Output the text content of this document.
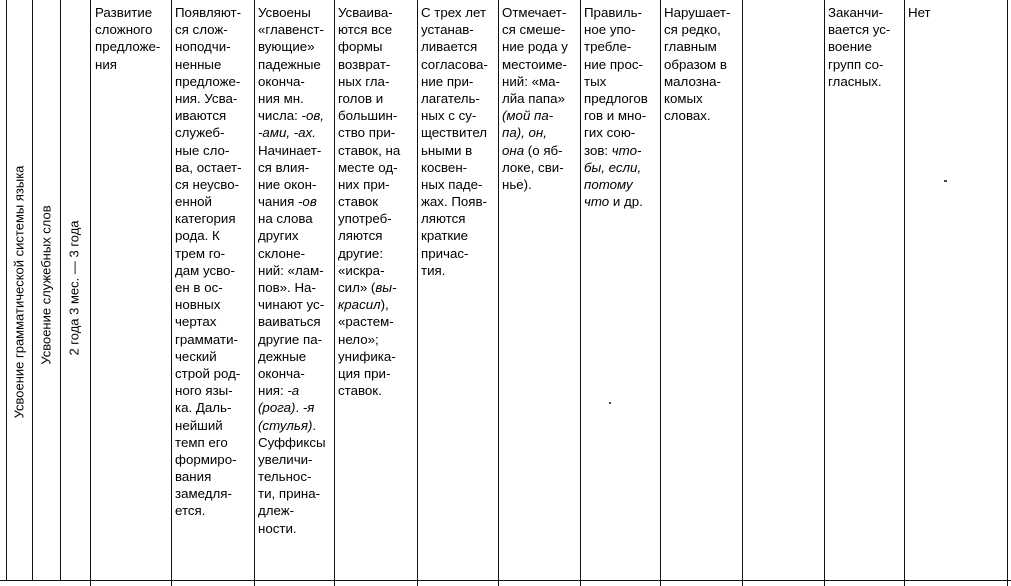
Усвоение грамматической системы языка Усвоение служебных слов 2 года 3 мес. — 3 года
Развитие
сложного
предложе-
ния
Появляют-
ся слож-
ноподчи-
ненные
предложе-
ния. Усва-
иваются
служеб-
ные сло-
ва, остает-
ся неусво-
енной
категория
рода. К
трем го-
дам усво-
ен в ос-
новных
чертах
граммати-
ческий
строй род-
ного язы-
ка. Даль-
нейший
темп его
формиро-
вания
замедля-
ется.
Усвоены
«главенст-
вующие»
падежные
оконча-
ния мн.
числа: -ов,
-ами, -ах.
Начинает-
ся влия-
ние окон-
чания -ов
на слова
других
склоне-
ний: «лам-
пов». На-
чинают ус-
ваиваться
другие па-
дежные
оконча-
ния: -а
(рога). -я
(стулья).
Суффиксы
увеличи-
тельнос-
ти, прина-
длеж-
ности.
Усваива-
ются все
формы
возврат-
ных гла-
голов и
большин-
ство при-
ставок, на
месте од-
них при-
ставок
употреб-
ляются
другие:
«искра-
сил» (вы-
красил),
«растем-
нело»;
унифика-
ция при-
ставок.
С трех лет
устанав-
ливается
согласова-
ние при-
лагатель-
ных с су-
ществител
ьными в
косвен-
ных паде-
жах. Появ-
ляются
краткие
причас-
тия.
Отмечает-
ся смеше-
ние рода у
местоиме-
ний: «ма-
лйа папа»
(мой па-
па), он,
она (о яб-
локе, сви-
нье).
Правиль-
ное упо-
требле-
ние прос-
тых
предлогов
гов и мно-
гих сою-
зов: что-
бы, если,
потому
что и др.
Нарушает-
ся редко,
главным
образом в
малозна-
комых
словах.
Заканчи-
вается ус-
воение
групп со-
гласных.
Нет
